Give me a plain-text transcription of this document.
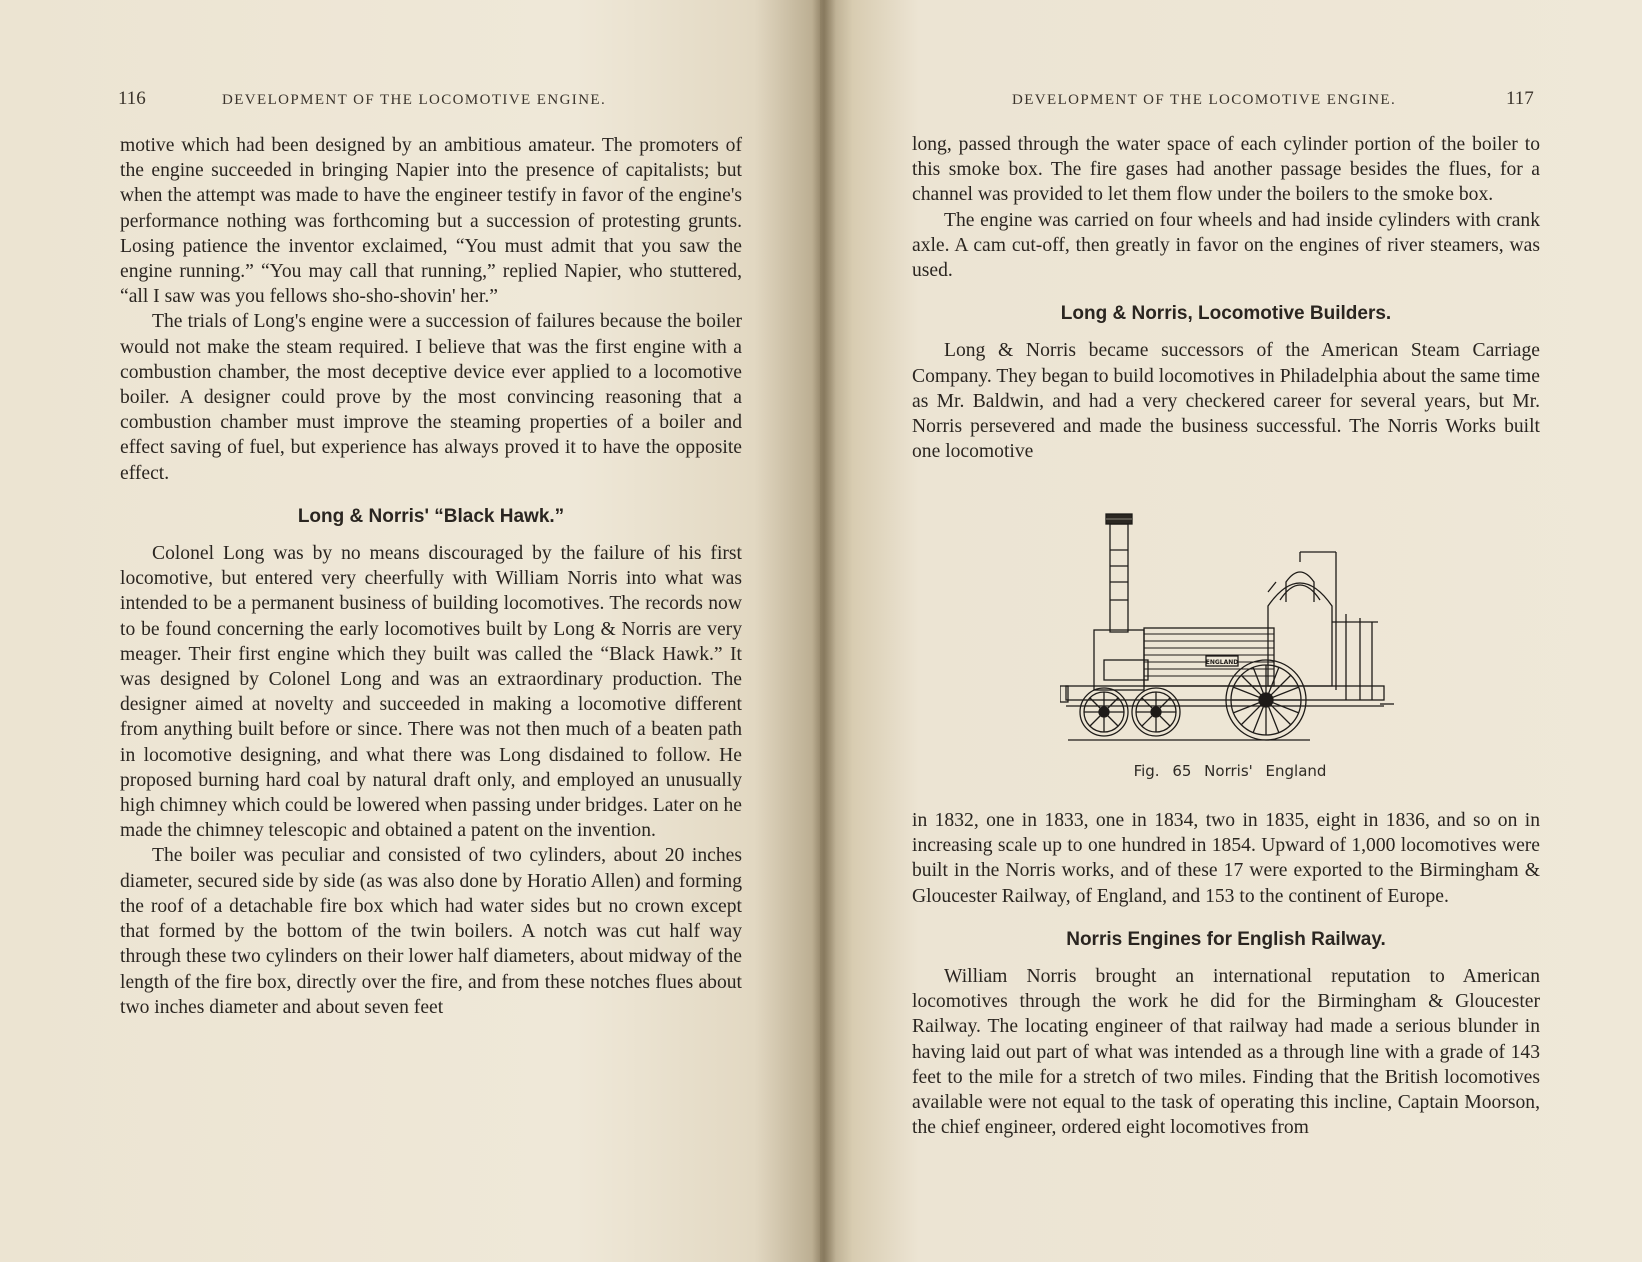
116	DEVELOPMENT OF THE LOCOMOTIVE ENGINE.

motive which had been designed by an ambitious amateur. The promoters of the engine succeeded in bringing Napier into the presence of capitalists; but when the attempt was made to have the engineer testify in favor of the engine's performance nothing was forthcoming but a succession of protesting grunts. Losing patience the inventor exclaimed, “You must admit that you saw the engine running.” “You may call that running,” replied Napier, who stuttered, “all I saw was you fellows sho-sho-shovin' her.”

The trials of Long's engine were a succession of failures because the boiler would not make the steam required. I believe that was the first engine with a combustion chamber, the most deceptive device ever applied to a locomotive boiler. A designer could prove by the most convincing reasoning that a combustion chamber must improve the steaming properties of a boiler and effect saving of fuel, but experience has always proved it to have the opposite effect.

Long & Norris' “Black Hawk.”

Colonel Long was by no means discouraged by the failure of his first locomotive, but entered very cheerfully with William Norris into what was intended to be a permanent business of building locomotives. The records now to be found concerning the early locomotives built by Long & Norris are very meager. Their first engine which they built was called the “Black Hawk.” It was designed by Colonel Long and was an extraordinary production. The designer aimed at novelty and succeeded in making a locomotive different from anything built before or since. There was not then much of a beaten path in locomotive designing, and what there was Long disdained to follow. He proposed burning hard coal by natural draft only, and employed an unusually high chimney which could be lowered when passing under bridges. Later on he made the chimney telescopic and obtained a patent on the invention.

The boiler was peculiar and consisted of two cylinders, about 20 inches diameter, secured side by side (as was also done by Horatio Allen) and forming the roof of a detachable fire box which had water sides but no crown except that formed by the bottom of the twin boilers. A notch was cut half way through these two cylinders on their lower half diameters, about midway of the length of the fire box, directly over the fire, and from these notches flues about two inches diameter and about seven feet

DEVELOPMENT OF THE LOCOMOTIVE ENGINE.	117

long, passed through the water space of each cylinder portion of the boiler to this smoke box. The fire gases had another passage besides the flues, for a channel was provided to let them flow under the boilers to the smoke box.

The engine was carried on four wheels and had inside cylinders with crank axle. A cam cut-off, then greatly in favor on the engines of river steamers, was used.

Long & Norris, Locomotive Builders.

Long & Norris became successors of the American Steam Carriage Company. They began to build locomotives in Philadelphia about the same time as Mr. Baldwin, and had a very checkered career for several years, but Mr. Norris persevered and made the business successful. The Norris Works built one locomotive

in 1832, one in 1833, one in 1834, two in 1835, eight in 1836, and so on in increasing scale up to one hundred in 1854. Upward of 1,000 locomotives were built in the Norris works, and of these 17 were exported to the Birmingham & Gloucester Railway, of England, and 153 to the continent of Europe.

Norris Engines for English Railway.

William Norris brought an international reputation to American locomotives through the work he did for the Birmingham & Gloucester Railway. The locating engineer of that railway had made a serious blunder in having laid out part of what was intended as a through line with a grade of 143 feet to the mile for a stretch of two miles. Finding that the British locomotives available were not equal to the task of operating this incline, Captain Moorson, the chief engineer, ordered eight locomotives from

ENGLAND
Fig. 65 Norris' England
